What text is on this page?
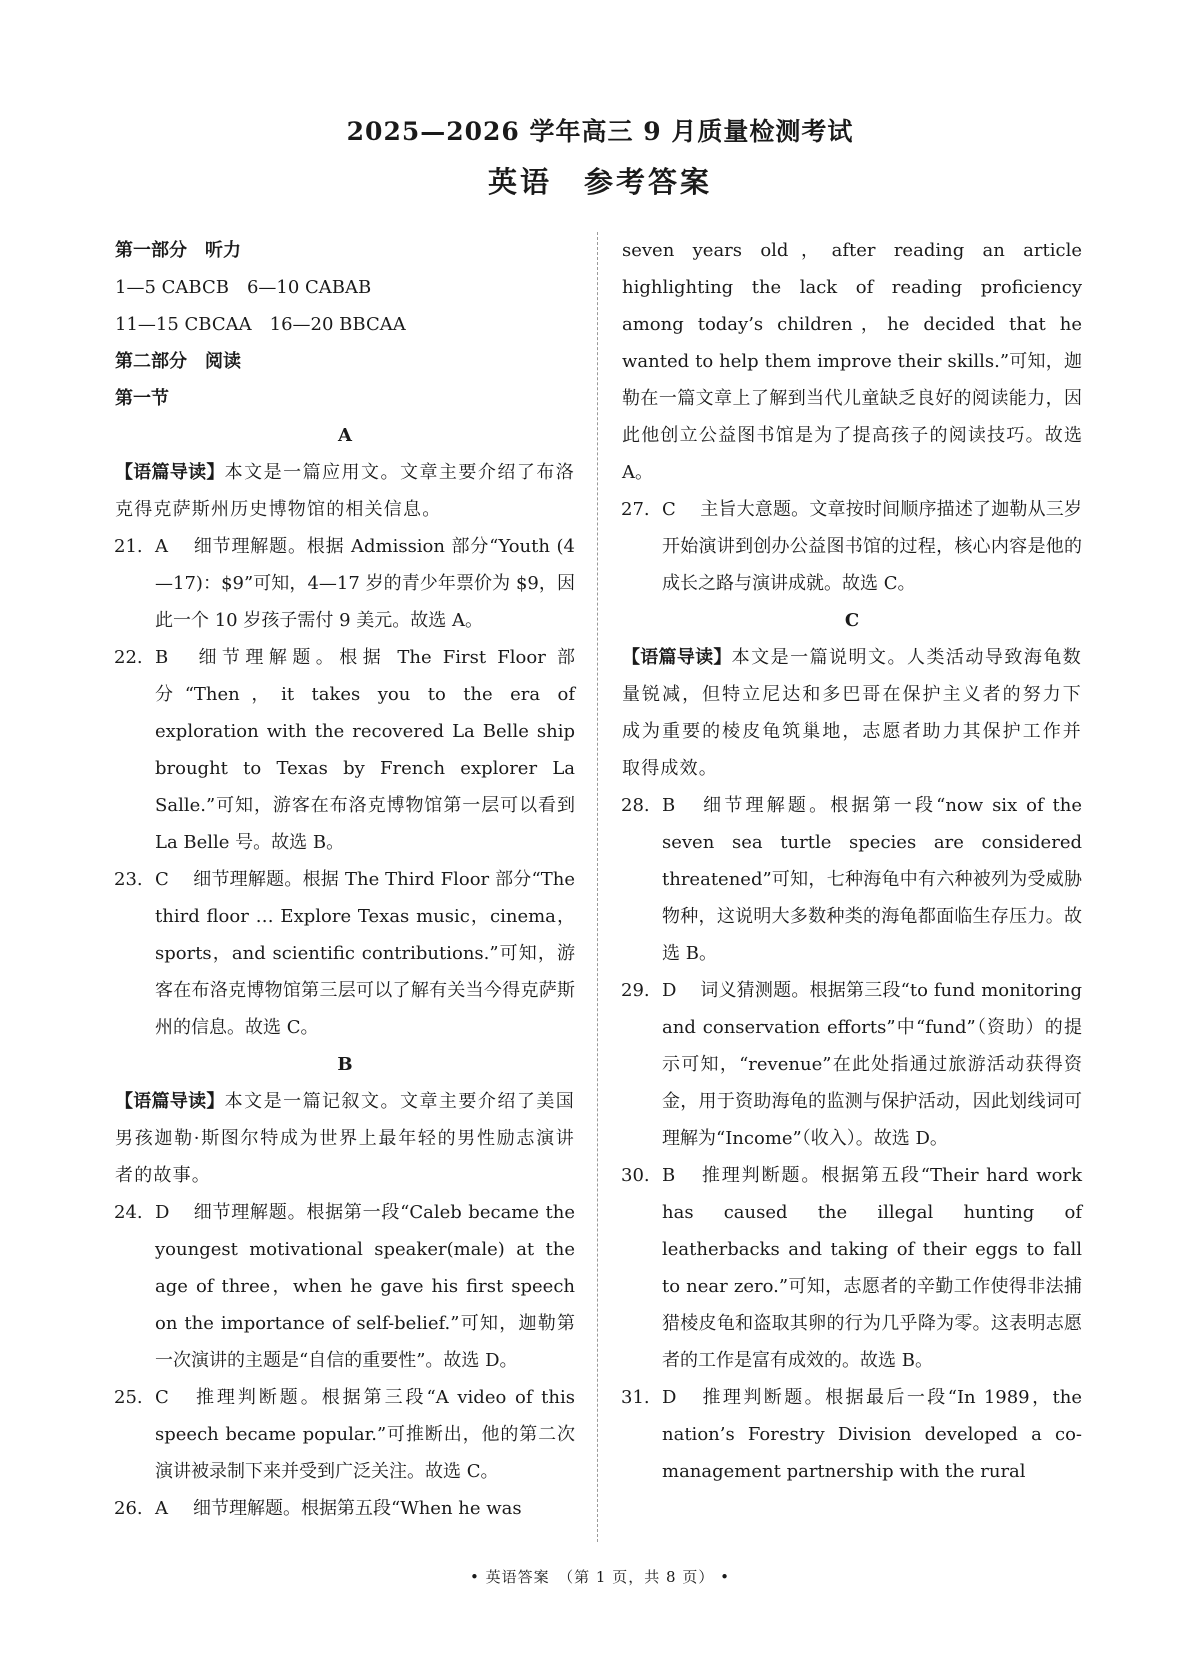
2025—2026 学年高三 9 月质量检测考试
英语　参考答案

第一部分　听力

1—5 CABCB　6—10 CABAB

11—15 CBCAA　16—20 BBCAA

第二部分　阅读

第一节

A

【语篇导读】本文是一篇应用文。文章主要介绍了布洛克得克萨斯州历史博物馆的相关信息。

21. A 细节理解题。根据 Admission 部分“Youth (4—17)：$9”可知，4—17 岁的青少年票价为 $9，因此一个 10 岁孩子需付 9 美元。故选 A。

22. B 细节理解题。根据 The First Floor 部分“Then，it takes you to the era of exploration with the recovered La Belle ship brought to Texas by French explorer La Salle.”可知，游客在布洛克博物馆第一层可以看到 La Belle 号。故选 B。

23. C 细节理解题。根据 The Third Floor 部分“The third floor … Explore Texas music，cinema，sports，and scientific contributions.”可知，游客在布洛克博物馆第三层可以了解有关当今得克萨斯州的信息。故选 C。

B

【语篇导读】本文是一篇记叙文。文章主要介绍了美国男孩迦勒·斯图尔特成为世界上最年轻的男性励志演讲者的故事。

24. D 细节理解题。根据第一段“Caleb became the youngest motivational speaker(male) at the age of three，when he gave his first speech on the importance of self-belief.”可知，迦勒第一次演讲的主题是“自信的重要性”。故选 D。

25. C 推理判断题。根据第三段“A video of this speech became popular.”可推断出，他的第二次演讲被录制下来并受到广泛关注。故选 C。

26. A 细节理解题。根据第五段“When he was

seven years old，after reading an article highlighting the lack of reading proficiency among today’s children，he decided that he wanted to help them improve their skills.”可知，迦勒在一篇文章上了解到当代儿童缺乏良好的阅读能力，因此他创立公益图书馆是为了提高孩子的阅读技巧。故选 A。

27. C 主旨大意题。文章按时间顺序描述了迦勒从三岁开始演讲到创办公益图书馆的过程，核心内容是他的成长之路与演讲成就。故选 C。

C

【语篇导读】本文是一篇说明文。人类活动导致海龟数量锐减，但特立尼达和多巴哥在保护主义者的努力下成为重要的棱皮龟筑巢地，志愿者助力其保护工作并取得成效。

28. B 细节理解题。根据第一段“now six of the seven sea turtle species are considered threatened”可知，七种海龟中有六种被列为受威胁物种，这说明大多数种类的海龟都面临生存压力。故选 B。

29. D 词义猜测题。根据第三段“to fund monitoring and conservation efforts”中“fund”（资助）的提示可知，“revenue”在此处指通过旅游活动获得资金，用于资助海龟的监测与保护活动，因此划线词可理解为“Income”（收入）。故选 D。

30. B 推理判断题。根据第五段“Their hard work has caused the illegal hunting of leatherbacks and taking of their eggs to fall to near zero.”可知，志愿者的辛勤工作使得非法捕猎棱皮龟和盗取其卵的行为几乎降为零。这表明志愿者的工作是富有成效的。故选 B。

31. D 推理判断题。根据最后一段“In 1989，the nation’s Forestry Division developed a co-management partnership with the rural

• 英语答案　（第 1 页，共 8 页） •
